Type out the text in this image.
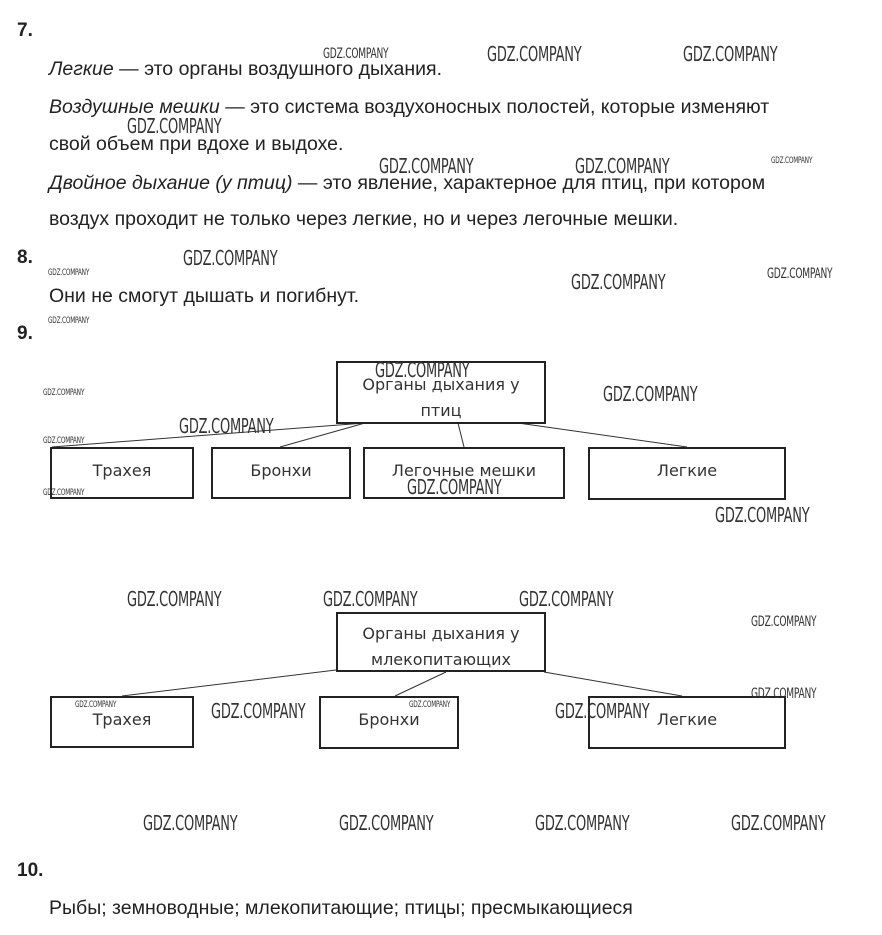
7.
Легкие — это органы воздушного дыхания.
Воздушные мешки — это система воздухоносных полостей, которые изменяют
свой объем при вдохе и выдохе.
Двойное дыхание (у птиц) — это явление, характерное для птиц, при котором
воздух проходит не только через легкие, но и через легочные мешки.
8.
Они не смогут дышать и погибнут.
9.
Органы дыхания у
птиц
Трахея	Бронхи	Легочные мешки	Легкие
Органы дыхания у
млекопитающих
Трахея	Бронхи	Легкие
10.
Рыбы; земноводные; млекопитающие; птицы; пресмыкающиеся
GDZ.COMPANY	GDZ.COMPANY	GDZ.COMPANY
GDZ.COMPANY
GDZ.COMPANY	GDZ.COMPANY	GDZ.COMPANY
GDZ.COMPANY
GDZ.COMPANY	GDZ.COMPANY	GDZ.COMPANY
GDZ.COMPANY
GDZ.COMPANY
GDZ.COMPANY
GDZ.COMPANY
GDZ.COMPANY
GDZ.COMPANY
GDZ.COMPANY
GDZ.COMPANY
GDZ.COMPANY
GDZ.COMPANY	GDZ.COMPANY	GDZ.COMPANY
GDZ.COMPANY
GDZ.COMPANY
GDZ.COMPANY	GDZ.COMPANY
GDZ.COMPANY	GDZ.COMPANY
GDZ.COMPANY	GDZ.COMPANY	GDZ.COMPANY	GDZ.COMPANY
